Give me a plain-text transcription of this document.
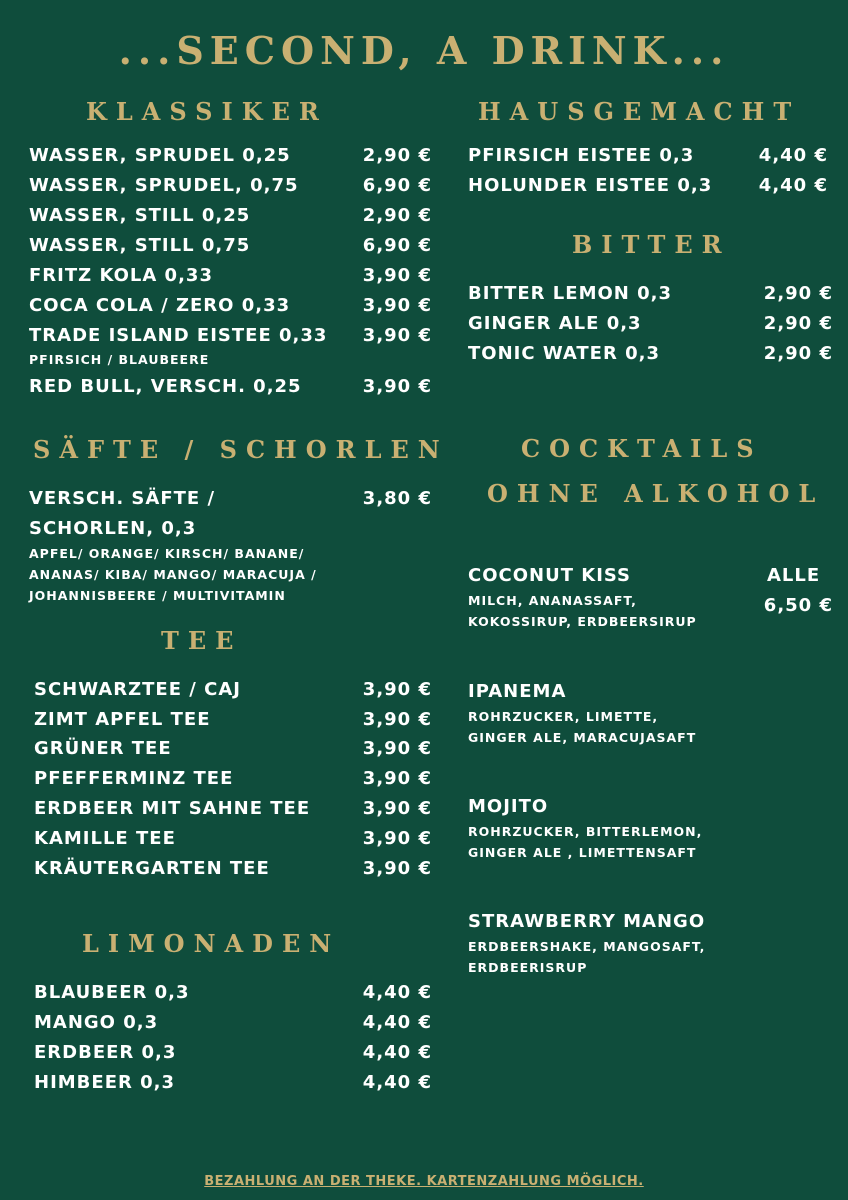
...SECOND, A DRINK...
KLASSIKER
WASSER, SPRUDEL 0,25	2,90 €
WASSER, SPRUDEL, 0,75	6,90 €
WASSER, STILL 0,25	2,90 €
WASSER, STILL 0,75	6,90 €
FRITZ KOLA 0,33	3,90 €
COCA COLA / ZERO 0,33	3,90 €
TRADE ISLAND EISTEE 0,33	3,90 €
PFIRSICH / BLAUBEERE
RED BULL, VERSCH. 0,25	3,90 €
SÄFTE / SCHORLEN
VERSCH. SÄFTE /	3,80 €
SCHORLEN, 0,3
APFEL/ ORANGE/ KIRSCH/ BANANE/
ANANAS/ KIBA/ MANGO/ MARACUJA /
JOHANNISBEERE / MULTIVITAMIN
TEE
SCHWARZTEE / CAJ	3,90 €
ZIMT APFEL TEE	3,90 €
GRÜNER TEE	3,90 €
PFEFFERMINZ TEE	3,90 €
ERDBEER MIT SAHNE TEE	3,90 €
KAMILLE TEE	3,90 €
KRÄUTERGARTEN TEE	3,90 €
LIMONADEN
BLAUBEER 0,3	4,40 €
MANGO 0,3	4,40 €
ERDBEER 0,3	4,40 €
HIMBEER 0,3	4,40 €
HAUSGEMACHT
PFIRSICH EISTEE 0,3	4,40 €
HOLUNDER EISTEE 0,3	4,40 €
BITTER
BITTER LEMON 0,3	2,90 €
GINGER ALE 0,3	2,90 €
TONIC WATER 0,3	2,90 €
COCKTAILS
OHNE ALKOHOL
COCONUT KISS	ALLE
6,50 €
MILCH, ANANASSAFT,
KOKOSSIRUP, ERDBEERSIRUP
IPANEMA
ROHRZUCKER, LIMETTE,
GINGER ALE, MARACUJASAFT
MOJITO
ROHRZUCKER, BITTERLEMON,
GINGER ALE , LIMETTENSAFT
STRAWBERRY MANGO
ERDBEERSHAKE, MANGOSAFT,
ERDBEERISRUP
BEZAHLUNG AN DER THEKE. KARTENZAHLUNG MÖGLICH.
